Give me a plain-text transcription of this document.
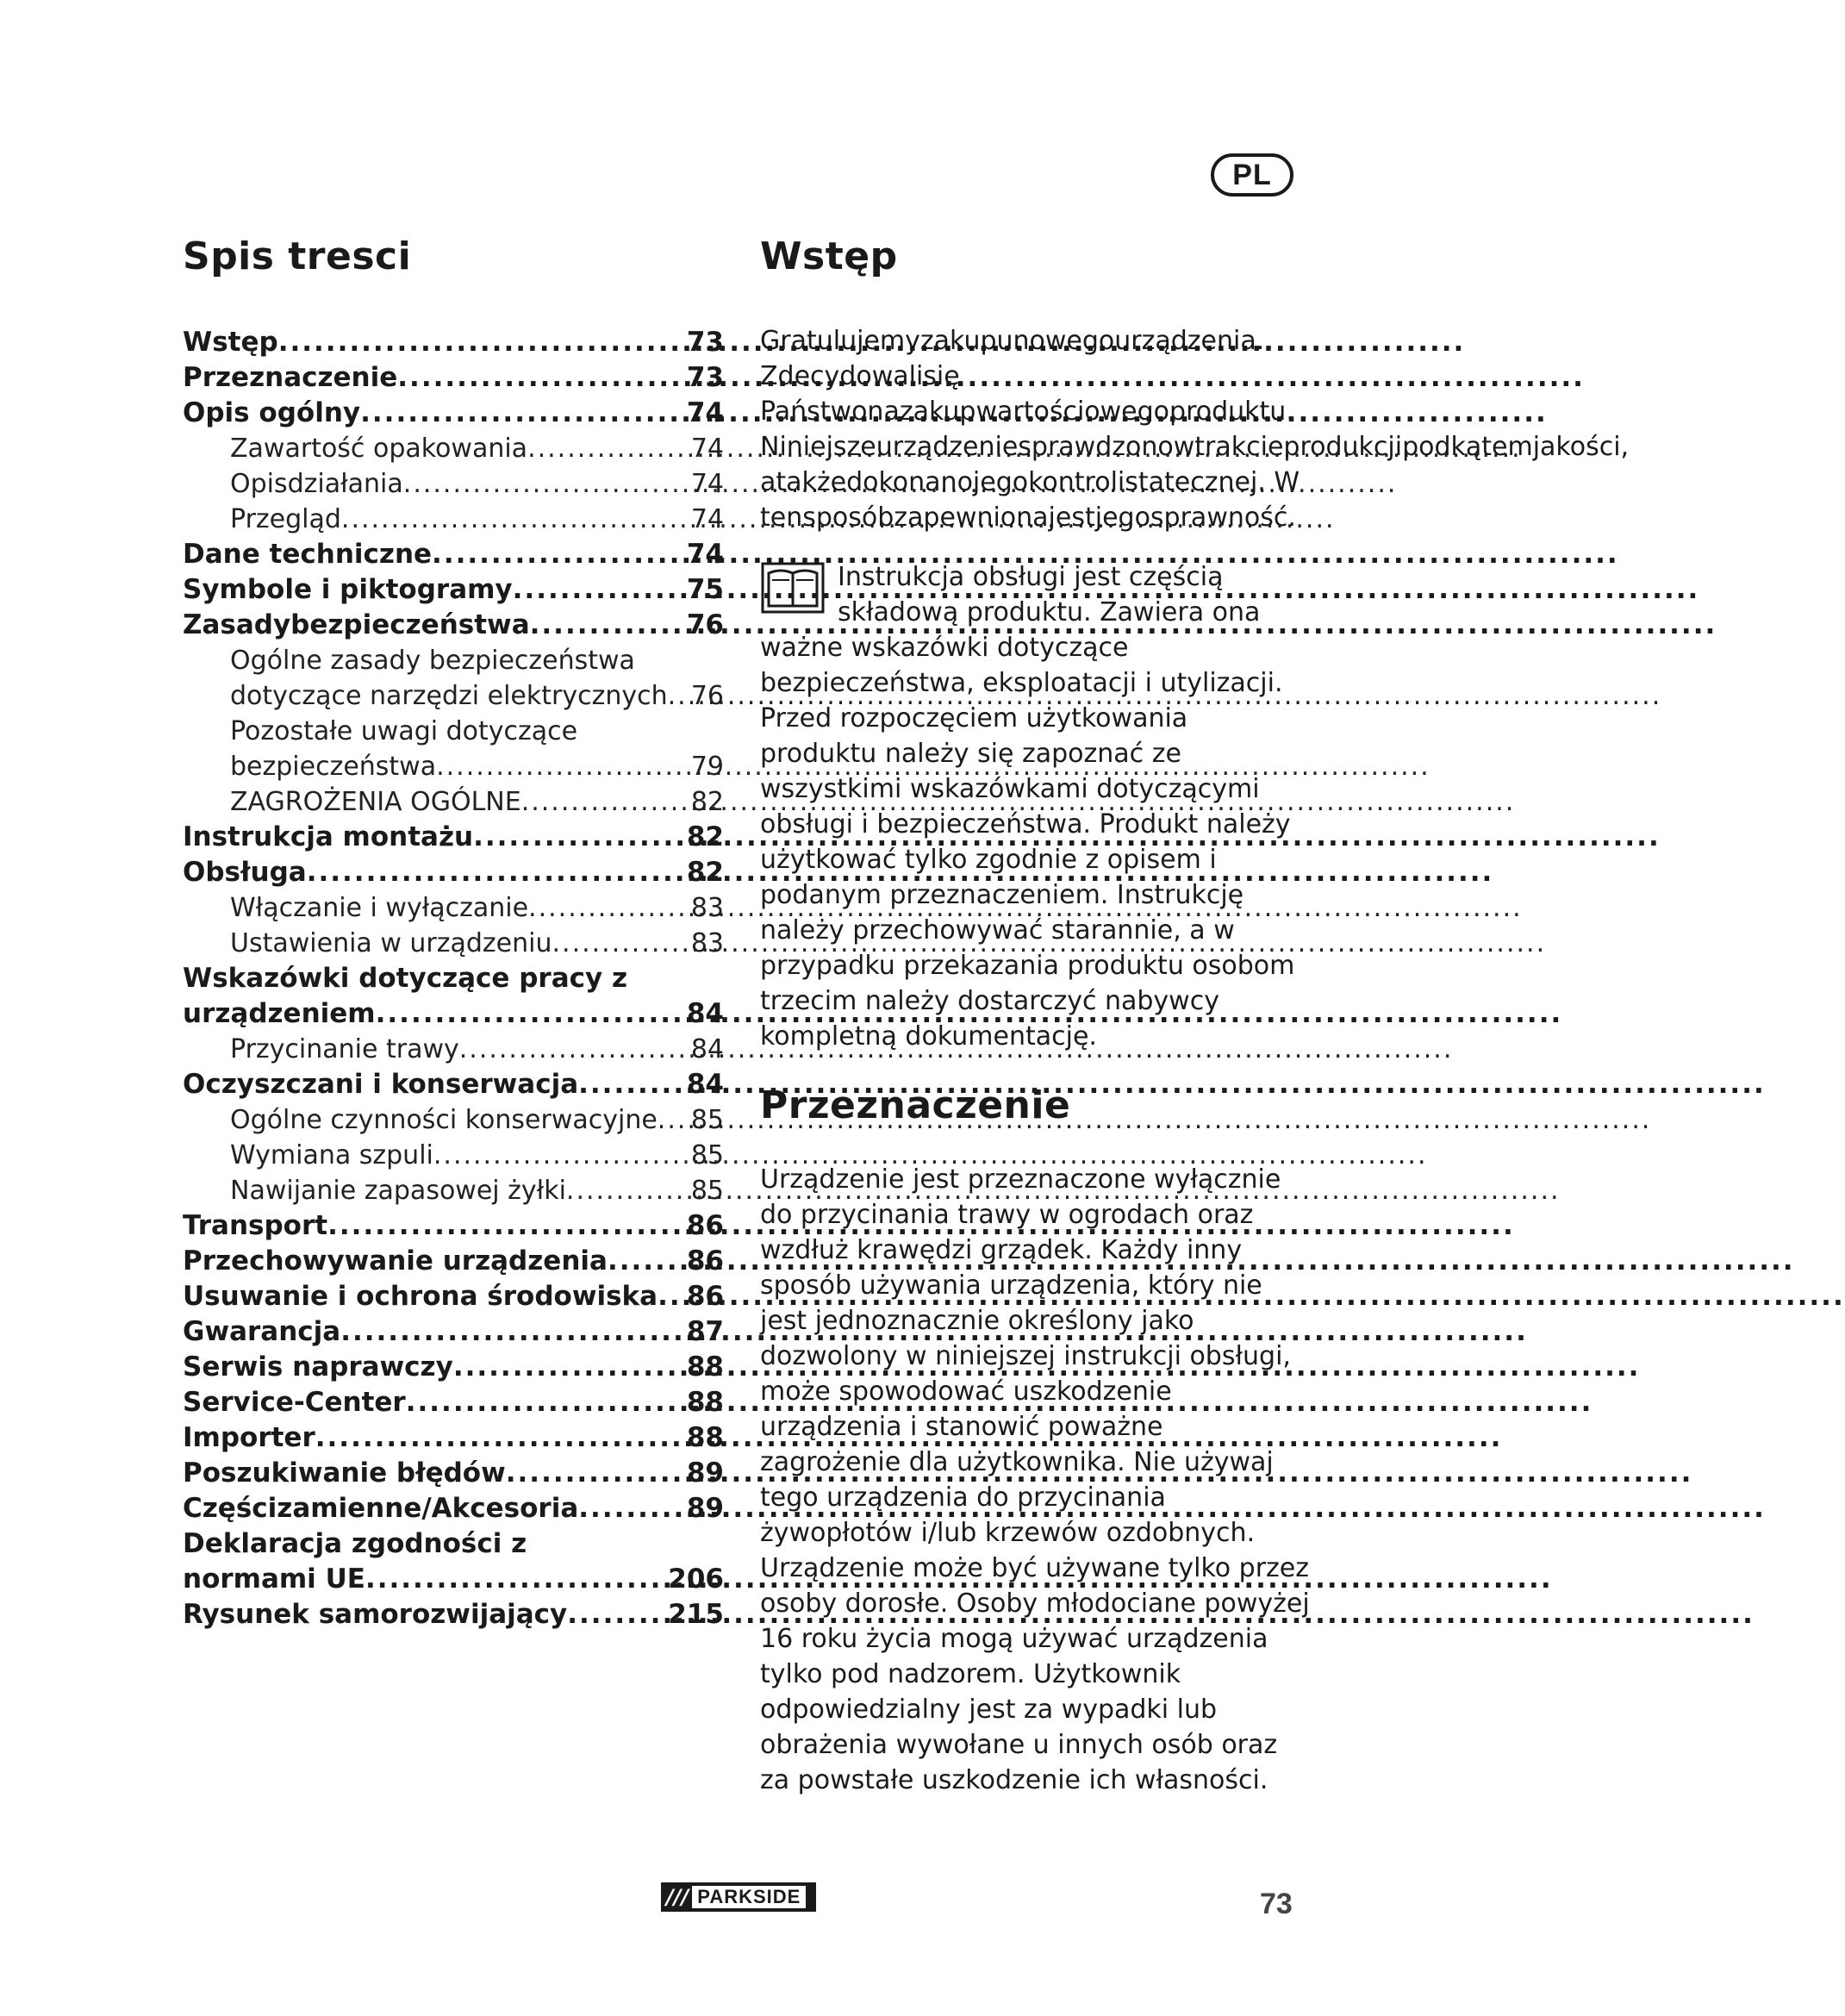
PL
Spis tresci
Wstęp .....	73
Przeznaczenie .....	73
Opis ogólny .....	74
Zawartość opakowania .....	74
Opisdziałania .....	74
Przegląd .....	74
Dane techniczne .....	74
Symbole i piktogramy .....	75
Zasadybezpieczeństwa .....	76
Ogólne zasady bezpieczeństwa
dotyczące narzędzi elektrycznych ..... 76
Pozostałe uwagi dotyczące
bezpieczeństwa .....	79
ZAGROŻENIA OGÓLNE .....	82
Instrukcja montażu .....	82
Obsługa .....	82
Włączanie i wyłączanie .....	83
Ustawienia w urządzeniu .....	83
Wskazówki dotyczące pracy z
urządzeniem .....	84
Przycinanie trawy .....	84
Oczyszczani i konserwacja .....	84
Ogólne czynności konserwacyjne ..... 85
Wymiana szpuli .....	85
Nawijanie zapasowej żyłki .....	85
Transport .....	86
Przechowywanie urządzenia .....	86
Usuwanie i ochrona środowiska ..... 86
Gwarancja .....	87
Serwis naprawczy .....	88
Service-Center .....	88
Importer .....	88
Poszukiwanie błędów .....	89
Częścizamienne/Akcesoria .....	89
Deklaracja zgodności z
normami UE .....	206
Rysunek samorozwijający .....	215
Wstęp

Gratulujemyzakupunowegourządzenia. Zdecydowalisię Państwonazakupwartościowegoproduktu. Niniejszeurządzeniesprawdzonowtrakcieprodukcjipodkątemjakości, atakżedokonanojegokontrolistatecznej. W tensposóbzapewnionajestjegosprawność.

Instrukcja obsługi jest częścią składową produktu. Zawiera ona ważne wskazówki dotyczące bezpieczeństwa, eksploatacji i utylizacji. Przed rozpoczęciem użytkowania produktu należy się zapoznać ze wszystkimi wskazówkami dotyczącymi obsługi i bezpieczeństwa. Produkt należy użytkować tylko zgodnie z opisem i podanym przeznaczeniem. Instrukcję należy przechowywać starannie, a w przypadku przekazania produktu osobom trzecim należy dostarczyć nabywcy kompletną dokumentację.

Przeznaczenie

Urządzenie jest przeznaczone wyłącznie do przycinania trawy w ogrodach oraz wzdłuż krawędzi grządek. Każdy inny sposób używania urządzenia, który nie jest jednoznacznie określony jako dozwolony w niniejszej instrukcji obsługi, może spowodować uszkodzenie urządzenia i stanowić poważne zagrożenie dla użytkownika. Nie używaj tego urządzenia do przycinania żywopłotów i/lub krzewów ozdobnych. Urządzenie może być używane tylko przez osoby dorosłe. Osoby młodociane powyżej 16 roku życia mogą używać urządzenia tylko pod nadzorem. Użytkownik odpowiedzialny jest za wypadki lub obrażenia wywołane u innych osób oraz za powstałe uszkodzenie ich własności.

/// PARKSIDE	73
